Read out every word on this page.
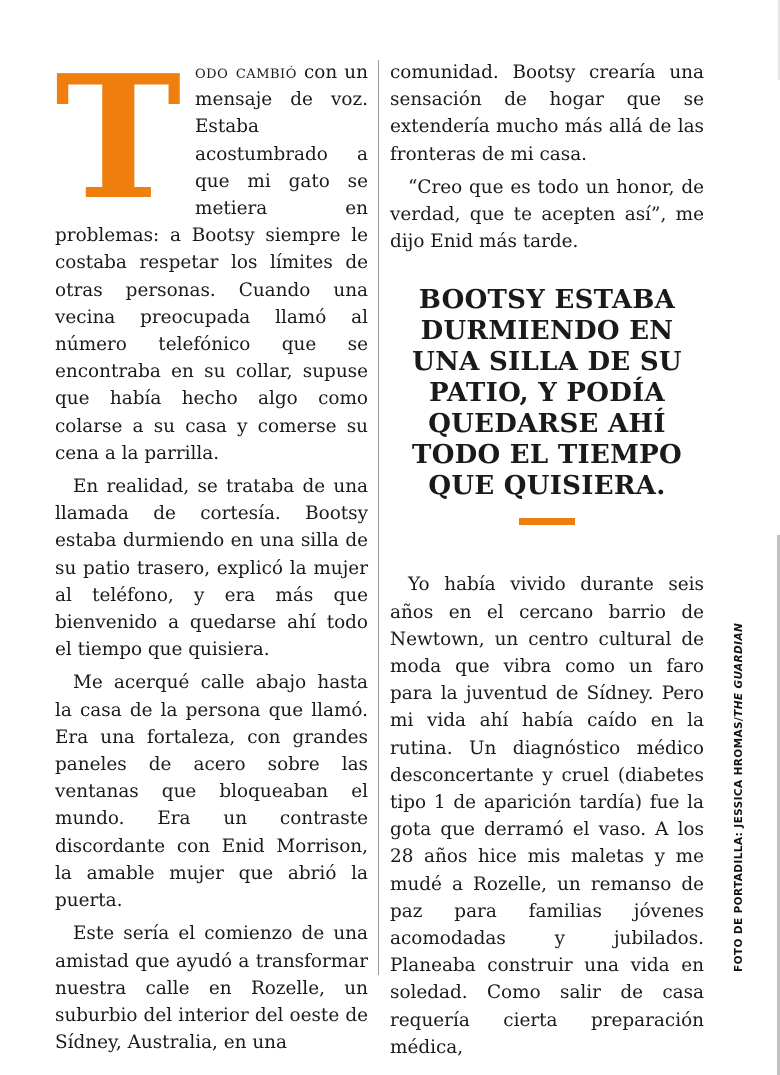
Todo cambió con un mensaje de voz. Estaba acostumbrado a que mi gato se metiera en problemas: a Bootsy siempre le costaba respetar los límites de otras personas. Cuando una vecina preocupada llamó al número telefónico que se encontraba en su collar, supuse que había hecho algo como colarse a su casa y comerse su cena a la parrilla.

En realidad, se trataba de una llamada de cortesía. Bootsy estaba durmiendo en una silla de su patio trasero, explicó la mujer al teléfono, y era más que bienvenido a quedarse ahí todo el tiempo que quisiera.

Me acerqué calle abajo hasta la casa de la persona que llamó. Era una fortaleza, con grandes paneles de acero sobre las ventanas que bloqueaban el mundo. Era un contraste discordante con Enid Morrison, la amable mujer que abrió la puerta.

Este sería el comienzo de una amistad que ayudó a transformar nuestra calle en Rozelle, un suburbio del interior del oeste de Sídney, Australia, en una

comunidad. Bootsy crearía una sensación de hogar que se extendería mucho más allá de las fronteras de mi casa.

“Creo que es todo un honor, de verdad, que te acepten así”, me dijo Enid más tarde.

BOOTSY ESTABA DURMIENDO EN UNA SILLA DE SU PATIO, Y PODÍA QUEDARSE AHÍ TODO EL TIEMPO QUE QUISIERA.

Yo había vivido durante seis años en el cercano barrio de Newtown, un centro cultural de moda que vibra como un faro para la juventud de Sídney. Pero mi vida ahí había caído en la rutina. Un diagnóstico médico desconcertante y cruel (diabetes tipo 1 de aparición tardía) fue la gota que derramó el vaso. A los 28 años hice mis maletas y me mudé a Rozelle, un remanso de paz para familias jóvenes acomodadas y jubilados. Planeaba construir una vida en soledad. Como salir de casa requería cierta preparación médica,

FOTO DE PORTADILLA: JESSICA HROMAS/THE GUARDIAN
